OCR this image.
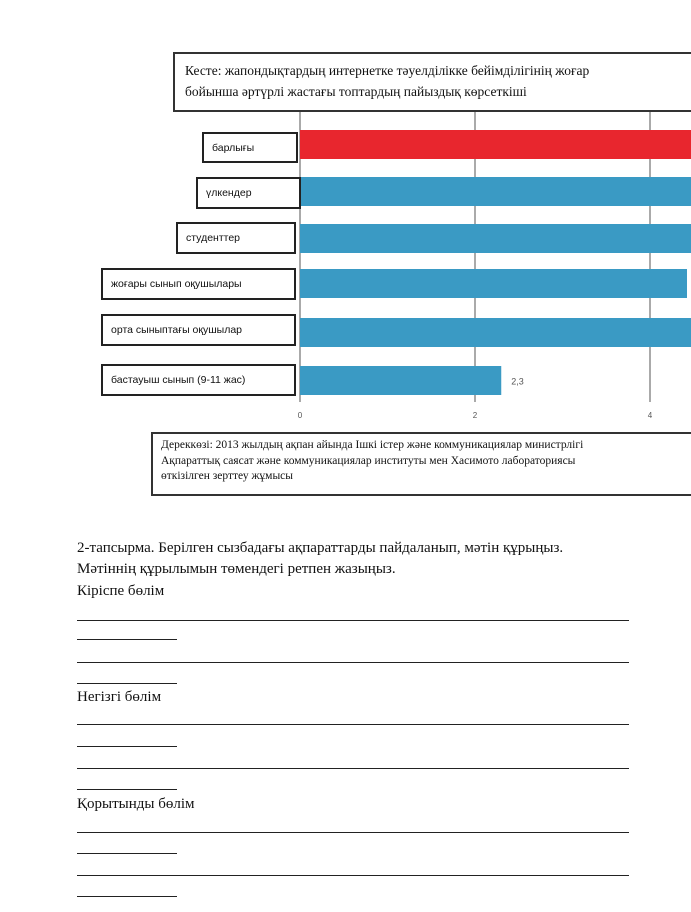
2,3
0	2	4
Кесте: жапондықтардың интернетке тәуелділікке бейімділігінің жоғар
бойынша әртүрлі жастағы топтардың пайыздық көрсеткіші
барлығы
үлкендер
студенттер
жоғары сынып оқушылары
орта сыныптағы оқушылар
бастауыш сынып (9-11 жас)
Дереккөзі: 2013 жылдың ақпан айында Ішкі істер және коммуникациялар министрлігі
Ақпараттық саясат және коммуникациялар институты мен Хасимото лабораториясы
өткізілген зерттеу жұмысы
2-тапсырма. Берілген сызбадағы ақпараттарды пайдаланып, мәтін құрыңыз.
Мәтіннің құрылымын төмендегі ретпен жазыңыз.
Кіріспе бөлім
Негізгі бөлім
Қорытынды бөлім
